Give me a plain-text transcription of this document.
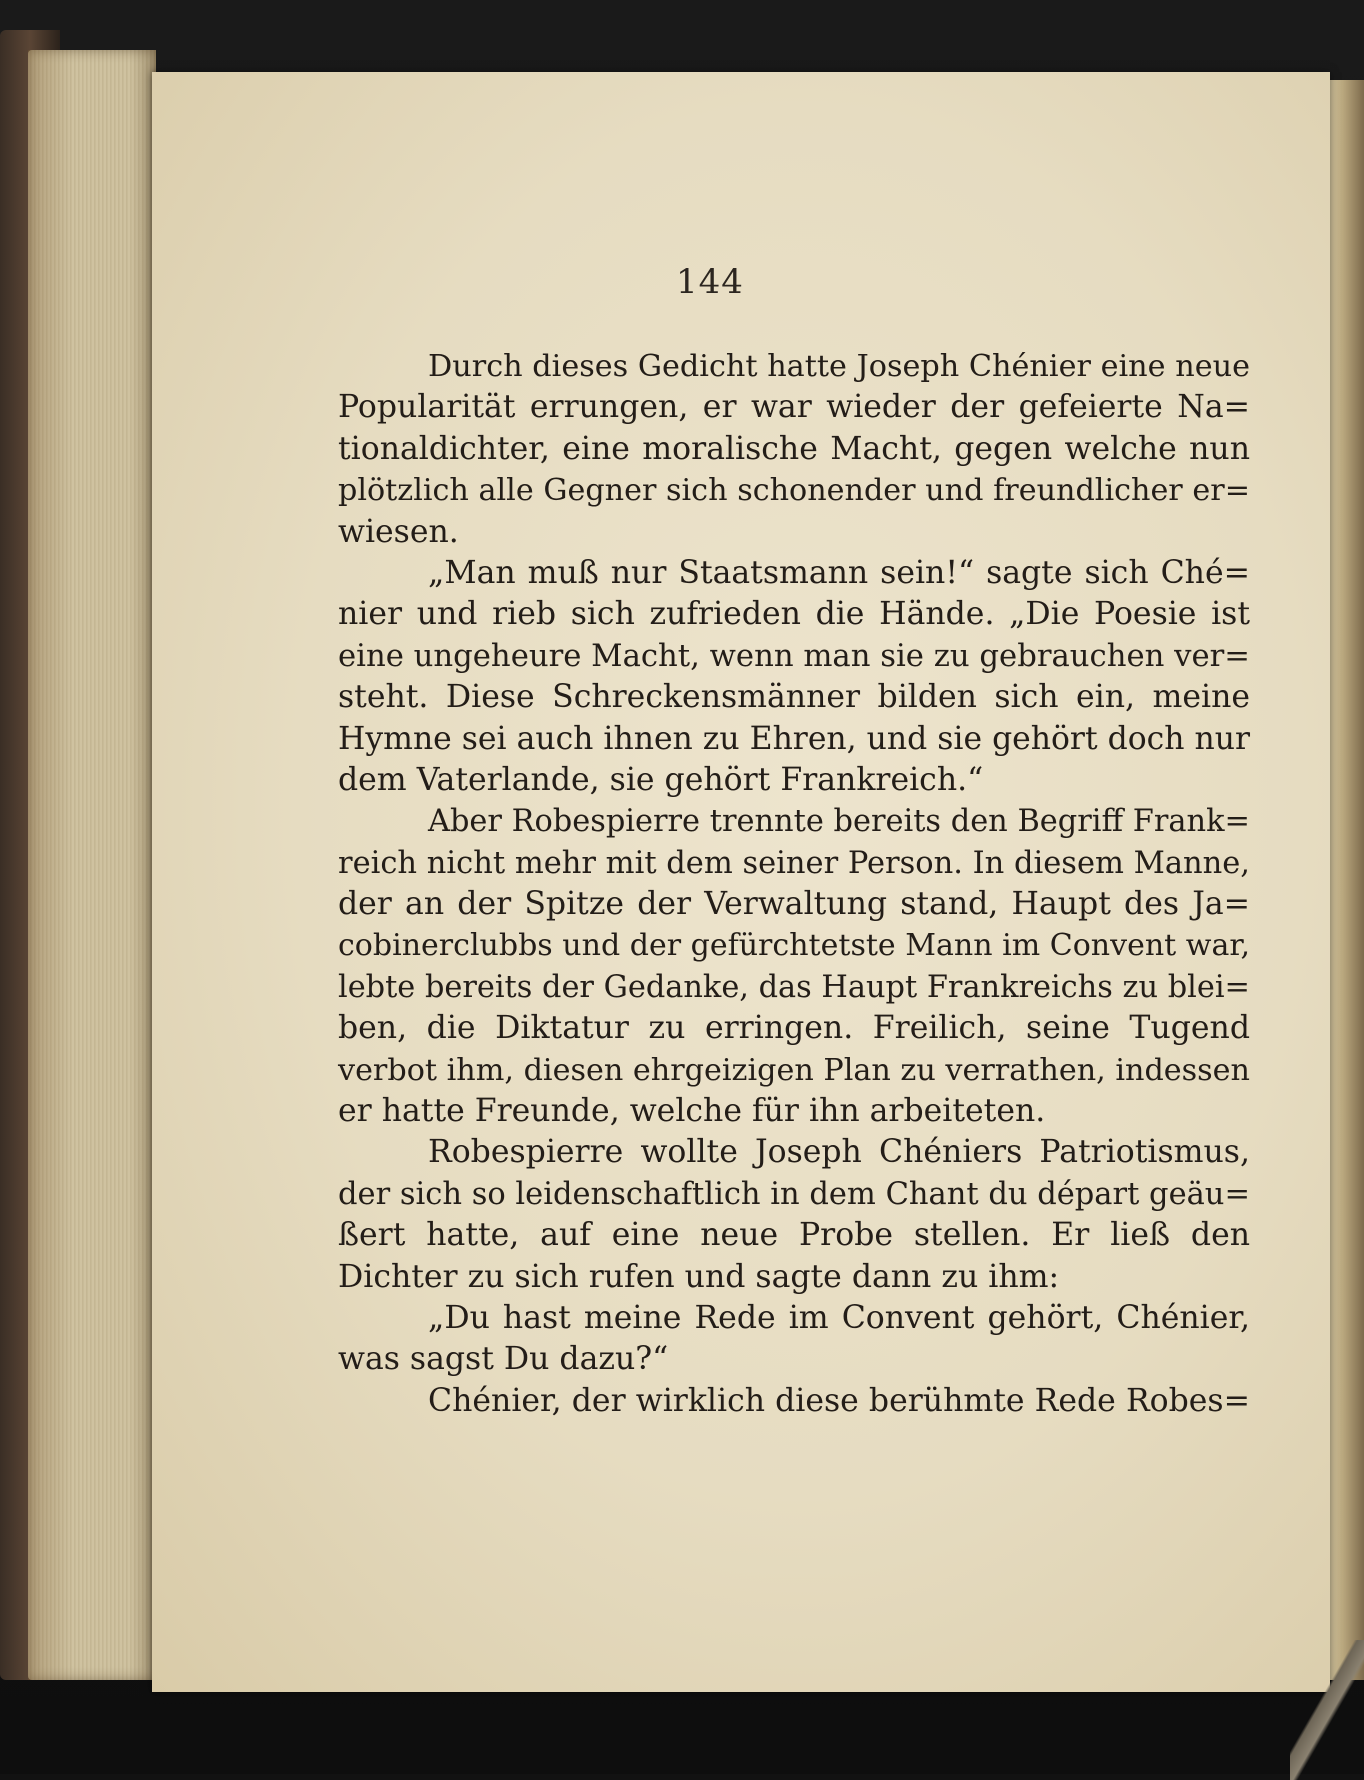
144
Durch dieses Gedicht hatte Joseph Chénier eine neue
Popularität errungen, er war wieder der gefeierte Na=
tionaldichter, eine moralische Macht, gegen welche nun
plötzlich alle Gegner sich schonender und freundlicher er=
wiesen.
„Man muß nur Staatsmann sein!“ sagte sich Ché=
nier und rieb sich zufrieden die Hände. „Die Poesie ist
eine ungeheure Macht, wenn man sie zu gebrauchen ver=
steht. Diese Schreckensmänner bilden sich ein, meine
Hymne sei auch ihnen zu Ehren, und sie gehört doch nur
dem Vaterlande, sie gehört Frankreich.“
Aber Robespierre trennte bereits den Begriff Frank=
reich nicht mehr mit dem seiner Person. In diesem Manne,
der an der Spitze der Verwaltung stand, Haupt des Ja=
cobinerclubbs und der gefürchtetste Mann im Convent war,
lebte bereits der Gedanke, das Haupt Frankreichs zu blei=
ben, die Diktatur zu erringen. Freilich, seine Tugend
verbot ihm, diesen ehrgeizigen Plan zu verrathen, indessen
er hatte Freunde, welche für ihn arbeiteten.
Robespierre wollte Joseph Chéniers Patriotismus,
der sich so leidenschaftlich in dem Chant du départ geäu=
ßert hatte, auf eine neue Probe stellen. Er ließ den
Dichter zu sich rufen und sagte dann zu ihm:
„Du hast meine Rede im Convent gehört, Chénier,
was sagst Du dazu?“
Chénier, der wirklich diese berühmte Rede Robes=
